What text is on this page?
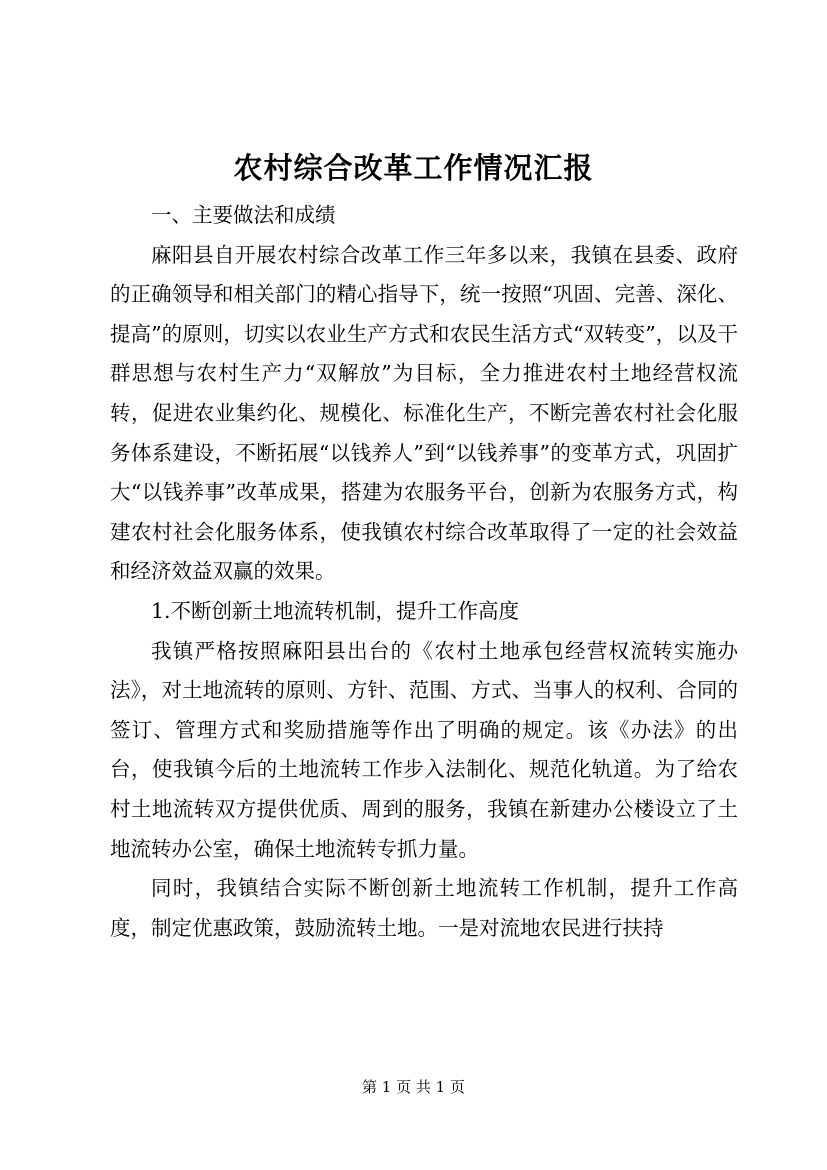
农村综合改革工作情况汇报

一、主要做法和成绩

麻阳县自开展农村综合改革工作三年多以来，我镇在县委、政府的正确领导和相关部门的精心指导下，统一按照“巩固、完善、深化、提高”的原则，切实以农业生产方式和农民生活方式“双转变”，以及干群思想与农村生产力“双解放”为目标，全力推进农村土地经营权流转，促进农业集约化、规模化、标准化生产，不断完善农村社会化服务体系建设，不断拓展“以钱养人”到“以钱养事”的变革方式，巩固扩大“以钱养事”改革成果，搭建为农服务平台，创新为农服务方式，构建农村社会化服务体系，使我镇农村综合改革取得了一定的社会效益和经济效益双赢的效果。

1.不断创新土地流转机制，提升工作高度

我镇严格按照麻阳县出台的《农村土地承包经营权流转实施办法》，对土地流转的原则、方针、范围、方式、当事人的权利、合同的签订、管理方式和奖励措施等作出了明确的规定。该《办法》的出台，使我镇今后的土地流转工作步入法制化、规范化轨道。为了给农村土地流转双方提供优质、周到的服务，我镇在新建办公楼设立了土地流转办公室，确保土地流转专抓力量。

同时，我镇结合实际不断创新土地流转工作机制，提升工作高度，制定优惠政策，鼓励流转土地。一是对流地农民进行扶持

第 1 页 共 1 页
